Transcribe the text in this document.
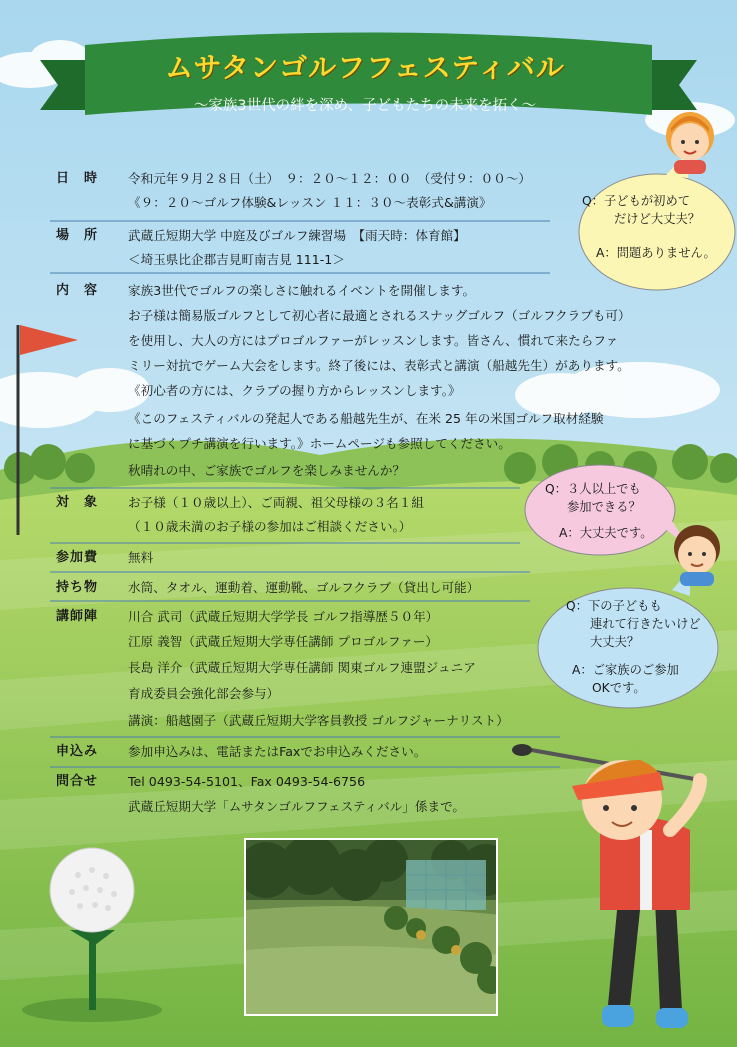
ムサタンゴルフフェスティバル
〜家族3世代の絆を深め、子どもたちの未来を拓く〜
日　時	令和元年９月２８日（土）　９：２０〜１２：００　（受付９：００〜）
《９：２０〜ゴルフ体験&レッスン １１：３０〜表彰式&講演》
場　所	武蔵丘短期大学 中庭及びゴルフ練習場　【雨天時：体育館】
＜埼玉県比企郡吉見町南吉見 111-1＞
内　容	家族3世代でゴルフの楽しさに触れるイベントを開催します。
お子様は簡易版ゴルフとして初心者に最適とされるスナッグゴルフ（ゴルフクラブも可）
を使用し、大人の方にはプロゴルファーがレッスンします。皆さん、慣れて来たらファ
ミリー対抗でゲーム大会をします。終了後には、表彰式と講演（船越先生）があります。
《初心者の方には、クラブの握り方からレッスンします。》
《このフェスティバルの発起人である船越先生が、在米 25 年の米国ゴルフ取材経験
に基づくプチ講演を行います。》ホームページも参照してください。
秋晴れの中、ご家族でゴルフを楽しみませんか？
対　象	お子様（１０歳以上）、ご両親、祖父母様の３名１組
（１０歳未満のお子様の参加はご相談ください。）
参加費	無料
持ち物	水筒、タオル、運動着、運動靴、ゴルフクラブ（貸出し可能）
講師陣	川合 武司（武蔵丘短期大学学長 ゴルフ指導歴５０年）
江原 義智（武蔵丘短期大学専任講師 プロゴルファー）
長島 洋介（武蔵丘短期大学専任講師 関東ゴルフ連盟ジュニア
育成委員会強化部会参与）
講演：船越園子（武蔵丘短期大学客員教授 ゴルフジャーナリスト）
申込み	参加申込みは、電話またはFaxでお申込みください。
問合せ	Tel 0493-54-5101、Fax 0493-54-6756
武蔵丘短期大学「ムサタンゴルフフェスティバル」係まで。
Q：子どもが初めて
だけど大丈夫？
A：問題ありません。
Q：３人以上でも
参加できる？
A：大丈夫です。
Q：下の子どもも
連れて行きたいけど
大丈夫？
A：ご家族のご参加
OKです。
